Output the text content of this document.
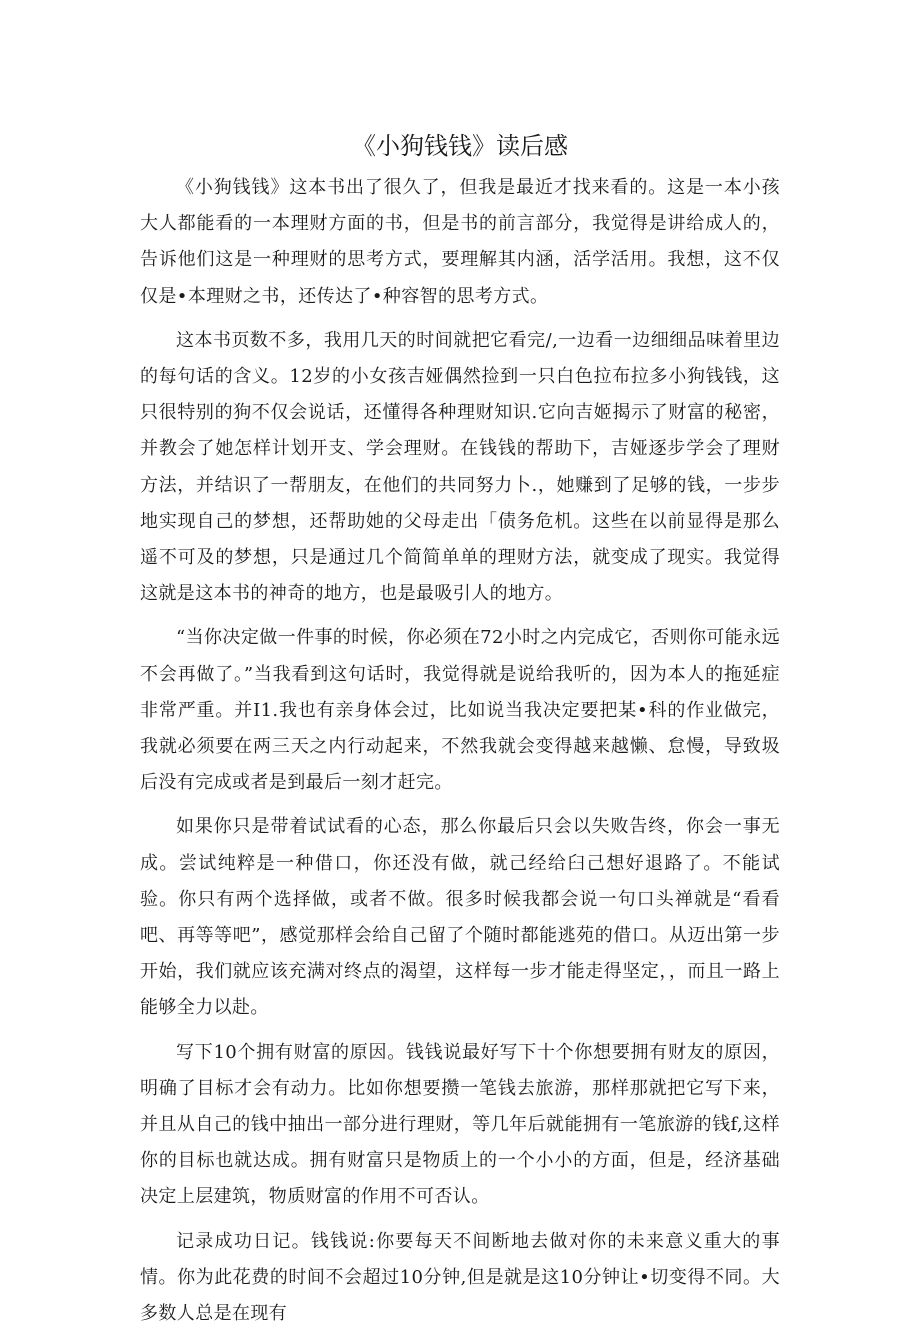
《小狗钱钱》读后感

《小狗钱钱》这本书出了很久了，但我是最近才找来看的。这是一本小孩大人都能看的一本理财方面的书，但是书的前言部分，我觉得是讲给成人的，告诉他们这是一种理财的思考方式，要理解其内涵，活学活用。我想，这不仅仅是•本理财之书，还传达了•种容智的思考方式。

这本书页数不多，我用几天的时间就把它看完/,一边看一边细细品味着里边的每句话的含义。12岁的小女孩吉娅偶然捡到一只白色拉布拉多小狗钱钱，这只很特别的狗不仅会说话，还懂得各种理财知识.它向吉姬揭示了财富的秘密，并教会了她怎样计划开支、学会理财。在钱钱的帮助下，吉娅逐步学会了理财方法，并结识了一帮朋友，在他们的共同努力卜.，她赚到了足够的钱，一步步地实现自己的梦想，还帮助她的父母走出「债务危机。这些在以前显得是那么遥不可及的梦想，只是通过几个简简单单的理财方法，就变成了现实。我觉得这就是这本书的神奇的地方，也是最吸引人的地方。

“当你决定做一件事的时候，你必须在72小时之内完成它，否则你可能永远不会再做了。”当我看到这句话时，我觉得就是说给我听的，因为本人的拖延症非常严重。并I1.我也有亲身体会过，比如说当我决定要把某•科的作业做完，我就必须要在两三天之内行动起来，不然我就会变得越来越懒、怠慢，导致圾后没有完成或者是到最后一刻才赶完。

如果你只是带着试试看的心态，那么你最后只会以失败告终，你会一事无成。尝试纯粹是一种借口，你还没有做，就己经给臼己想好退路了。不能试验。你只有两个选择做，或者不做。很多时候我都会说一句口头禅就是“看看吧、再等等吧”，感觉那样会给自己留了个随时都能逃苑的借口。从迈出第一步开始，我们就应该充满对终点的渴望，这样每一步才能走得坚定，，而且一路上能够全力以赴。

写下10个拥有财富的原因。钱钱说最好写下十个你想要拥有财友的原因，明确了目标才会有动力。比如你想要攒一笔钱去旅游，那样那就把它写下来，并且从自己的钱中抽出一部分进行理财，等几年后就能拥有一笔旅游的钱f,这样你的目标也就达成。拥有财富只是物质上的一个小小的方面，但是，经济基础决定上层建筑，物质财富的作用不可否认。

记录成功日记。钱钱说:你要每天不间断地去做对你的未来意义重大的事情。你为此花费的时间不会超过10分钟,但是就是这10分钟让•切变得不同。大多数人总是在现有
